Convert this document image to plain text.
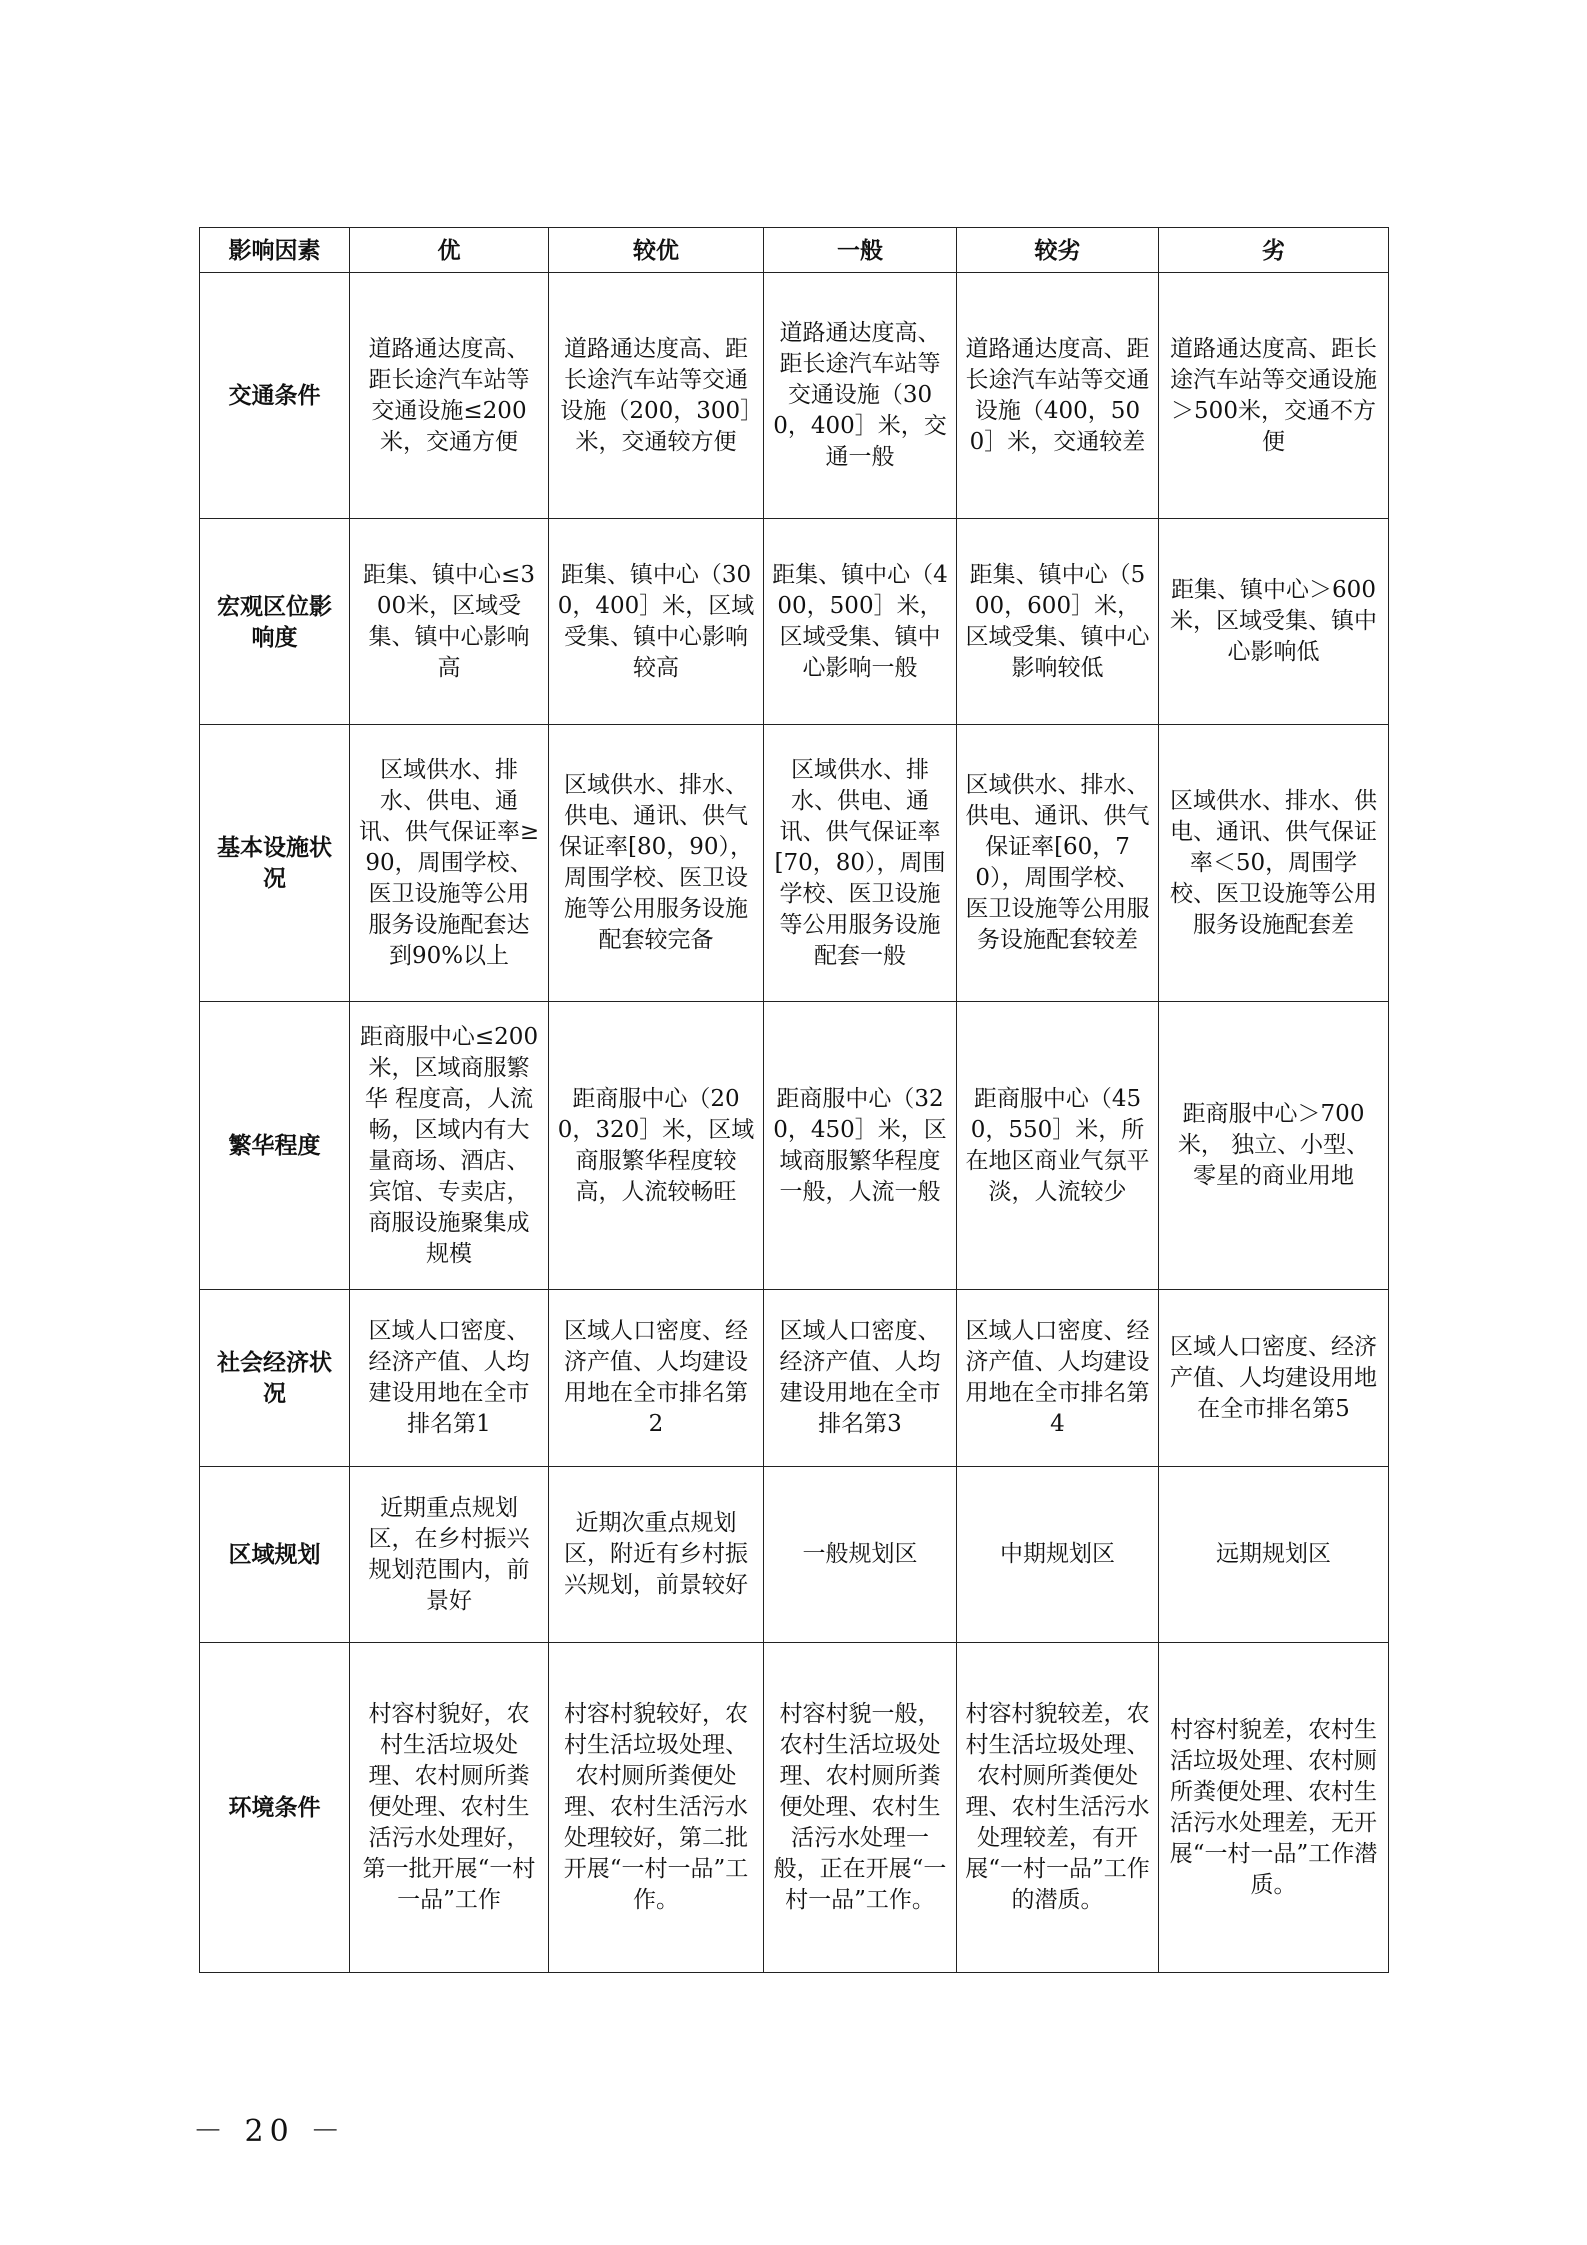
影响因素	优	较优	一般	较劣	劣
交通条件	道路通达度高、距长途汽车站等交通设施≤200米，交通方便	道路通达度高、距长途汽车站等交通设施（200，300］米，交通较方便	道路通达度高、距长途汽车站等交通设施（300，400］米，交通一般	道路通达度高、距长途汽车站等交通设施（400，500］米，交通较差	道路通达度高、距长途汽车站等交通设施＞500米，交通不方便
宏观区位影响度	距集、镇中心≤300米，区域受集、镇中心影响高	距集、镇中心（300，400］米，区域受集、镇中心影响较高	距集、镇中心（400，500］米，区域受集、镇中心影响一般	距集、镇中心（500，600］米，区域受集、镇中心影响较低	距集、镇中心＞600米，区域受集、镇中心影响低
基本设施状况	区域供水、排水、供电、通讯、供气保证率≥90，周围学校、医卫设施等公用服务设施配套达到90%以上	区域供水、排水、供电、通讯、供气保证率[80，90），周围学校、医卫设施等公用服务设施配套较完备	区域供水、排水、供电、通讯、供气保证率[70，80），周围学校、医卫设施等公用服务设施配套一般	区域供水、排水、供电、通讯、供气保证率[60，70），周围学校、医卫设施等公用服务设施配套较差	区域供水、排水、供电、通讯、供气保证率＜50，周围学校、医卫设施等公用服务设施配套差
繁华程度	距商服中心≤200米，区域商服繁华 程度高，人流畅，区域内有大量商场、酒店、宾馆、专卖店，商服设施聚集成规模	距商服中心（200，320］米，区域商服繁华程度较高，人流较畅旺	距商服中心（320，450］米，区域商服繁华程度一般，人流一般	距商服中心（450，550］米，所在地区商业气氛平淡，人流较少	距商服中心＞700米， 独立、小型、零星的商业用地
社会经济状况	区域人口密度、经济产值、人均建设用地在全市排名第1	区域人口密度、经济产值、人均建设用地在全市排名第2	区域人口密度、经济产值、人均建设用地在全市排名第3	区域人口密度、经济产值、人均建设用地在全市排名第4	区域人口密度、经济产值、人均建设用地在全市排名第5
区域规划	近期重点规划区，在乡村振兴规划范围内，前景好	近期次重点规划区，附近有乡村振兴规划，前景较好	一般规划区	中期规划区	远期规划区
环境条件	村容村貌好，农村生活垃圾处理、农村厕所粪便处理、农村生活污水处理好，第一批开展“一村一品”工作	村容村貌较好，农村生活垃圾处理、农村厕所粪便处理、农村生活污水处理较好，第二批开展“一村一品”工作。	村容村貌一般，农村生活垃圾处理、农村厕所粪便处理、农村生活污水处理一般，正在开展“一村一品”工作。	村容村貌较差，农村生活垃圾处理、农村厕所粪便处理、农村生活污水处理较差，有开展“一村一品”工作的潜质。	村容村貌差，农村生活垃圾处理、农村厕所粪便处理、农村生活污水处理差，无开展“一村一品”工作潜质。
－ 20 －
